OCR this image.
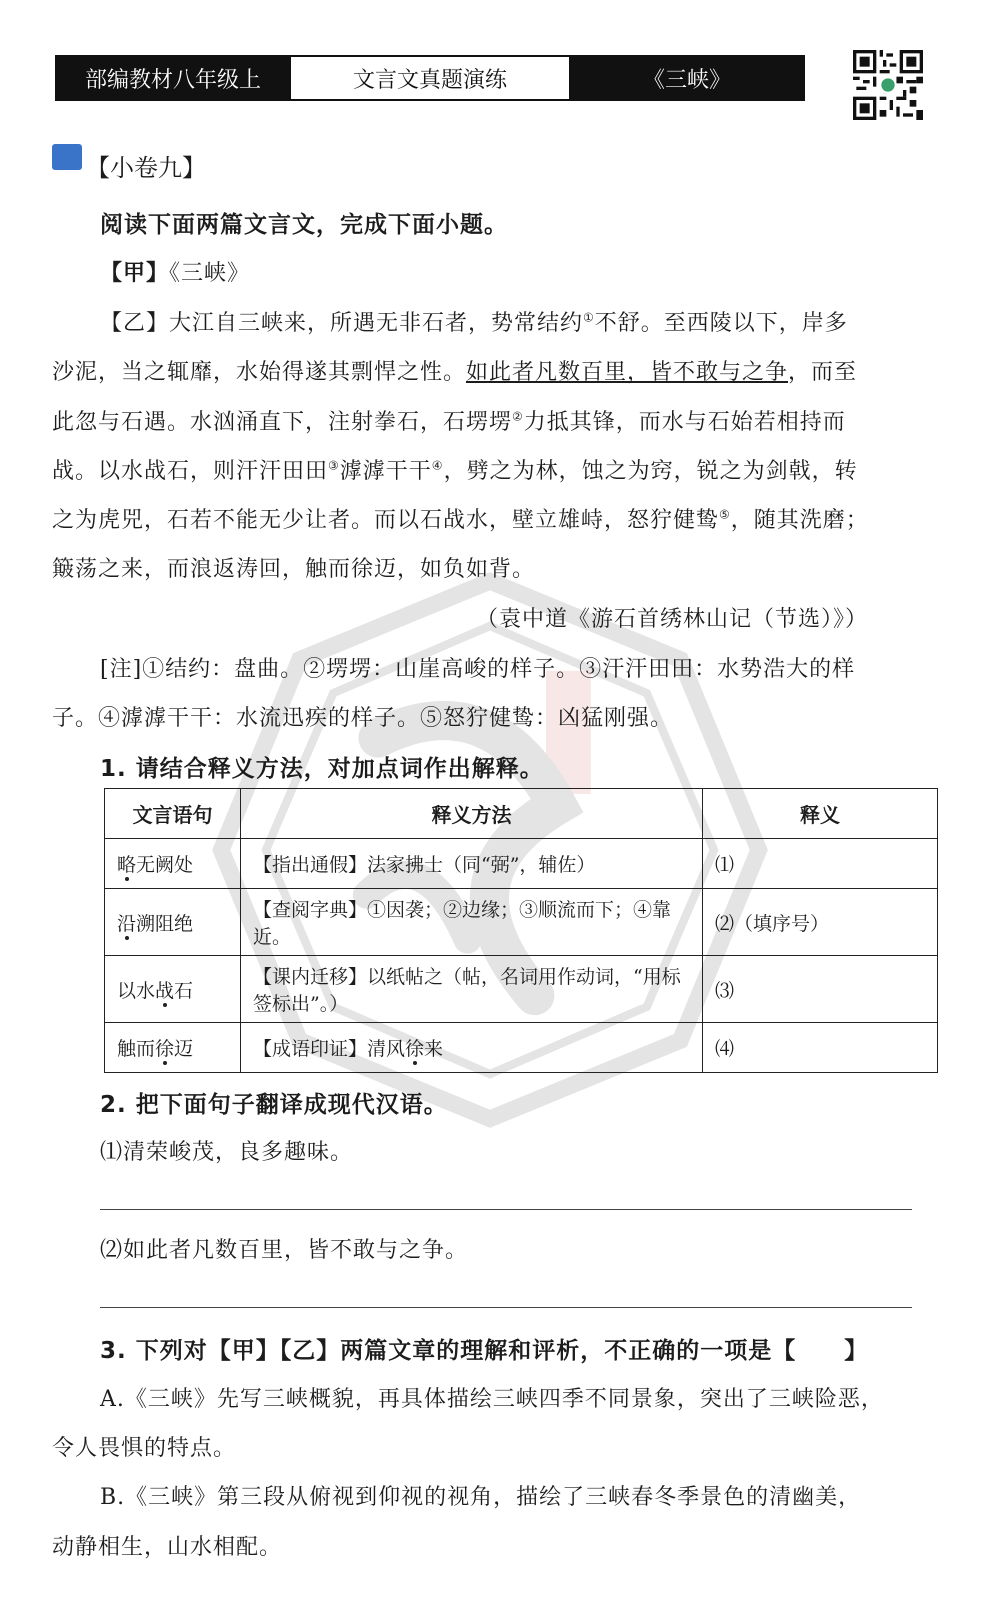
部编教材八年级上	文言文真题演练	《三峡》
【小卷九】
阅读下面两篇文言文，完成下面小题。
【甲】《三峡》
【乙】大江自三峡来，所遇无非石者，势常结约①不舒。至西陵以下，岸多
沙泥，当之辄靡，水始得遂其剽悍之性。如此者凡数百里，皆不敢与之争，而至
此忽与石遇。水汹涌直下，注射拳石，石塄塄②力抵其锋，而水与石始若相持而
战。以水战石，则汗汗田田③滹滹干干④，劈之为林，蚀之为窍，锐之为剑戟，转
之为虎兕，石若不能无少让者。而以石战水，壁立雄峙，怒狞健鸷⑤，随其洗磨；
簸荡之来，而浪返涛回，触而徐迈，如负如背。
（袁中道《游石首绣林山记（节选）》）
[注]①结约：盘曲。②塄塄：山崖高峻的样子。③汗汗田田：水势浩大的样
子。④滹滹干干：水流迅疾的样子。⑤怒狞健鸷：凶猛刚强。
1. 请结合释义方法，对加点词作出解释。
文言语句	释义方法	释义
略无阙处	【指出通假】法家拂士（同“弼”，辅佐）	⑴
沿溯阻绝	【查阅字典】①因袭；②边缘；③顺流而下；④靠近。	⑵（填序号）
以水战石	【课内迁移】以纸帖之（帖，名词用作动词，“用标签标出”。）	⑶
触而徐迈	【成语印证】清风徐来	⑷
2. 把下面句子翻译成现代汉语。
⑴清荣峻茂，良多趣味。
⑵如此者凡数百里，皆不敢与之争。
3. 下列对【甲】【乙】两篇文章的理解和评析，不正确的一项是【　　】
A.《三峡》先写三峡概貌，再具体描绘三峡四季不同景象，突出了三峡险恶，
令人畏惧的特点。
B.《三峡》第三段从俯视到仰视的视角，描绘了三峡春冬季景色的清幽美，
动静相生，山水相配。
